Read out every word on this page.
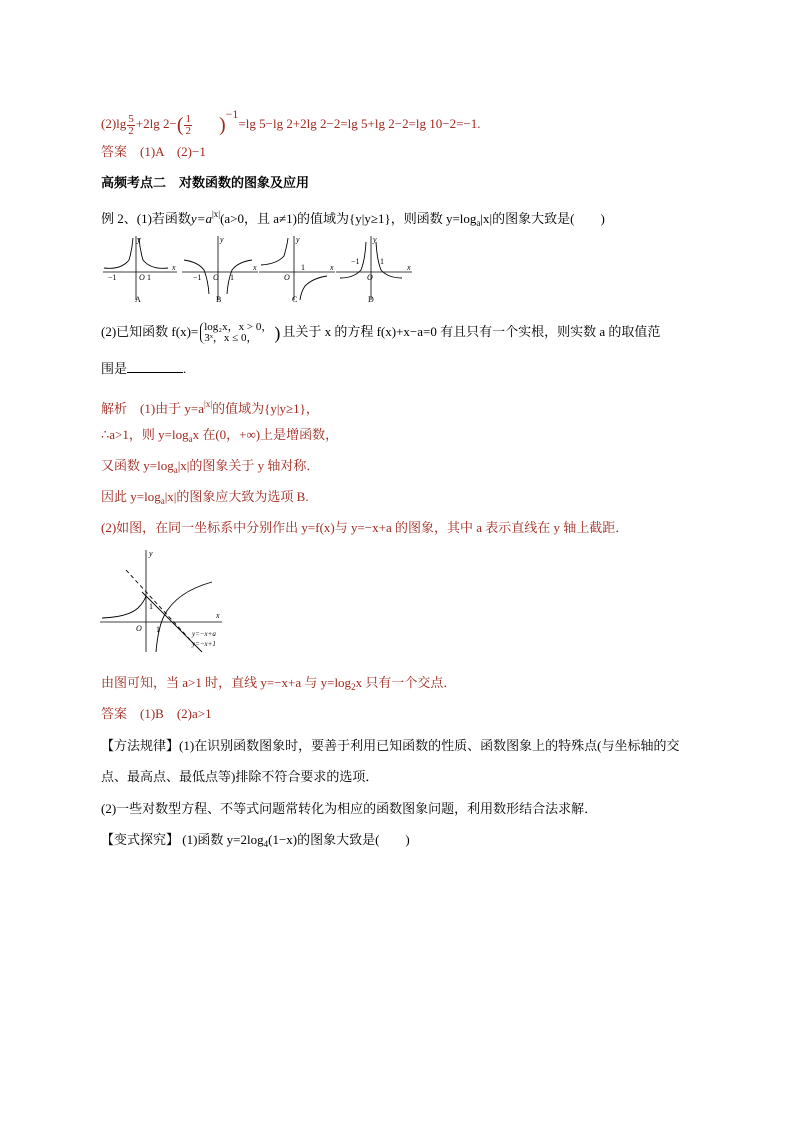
$(2)\lg \frac{5}{2} +2\lg$ $2-( \frac{1}{2} )^{-1}=\lg$ 5−lg 2+2lg 2−2=lg 5+lg 2−2=lg 10−2=−1.
答案　(1)A　(2)−1
高频考点二　对数函数的图象及应用
例 2、(1)若函数$y=a^{|x|}(a>0$，且 a≠1)的值域为{y|y≥1}，则函数 $y=\log_a|x|$的图象大致是(　　)
y
x
O
−1	1
A
y
x
O
−1	1
B
y
x
O
1
C
y
x
O
−1	1
D
(2)已知函数 f(x)= log₂x，x > 0，
3ˣ，x ≤ 0， ) 且关于 x 的方程 f(x)+x−a=0 有且只有一个实根，则实数 a 的取值范
围是	.
解析　(1)由于 $y=a^{|x|}$的值域为{y|y≥1}，
∴a>1，则 $y=\log_ax$ 在(0，+∞)上是增函数，
又函数 $y=\log_a|x|$的图象关于 y 轴对称．
因此 $y=\log_a|x|$的图象应大致为选项 B.
(2)如图，在同一坐标系中分别作出 y=f(x)与 y=−x+a 的图象，其中 a 表示直线在 y 轴上截距．
y
x
O
1
1	y=−x+a
y=−x+1
由图可知，当 a>1 时，直线 y=−x+a 与 $y=\log_2x$ 只有一个交点．
答案　(1)B　(2)a>1
【方法规律】(1)在识别函数图象时，要善于利用已知函数的性质、函数图象上的特殊点(与坐标轴的交
点、最高点、最低点等)排除不符合要求的选项．
(2)一些对数型方程、不等式问题常转化为相应的函数图象问题，利用数形结合法求解．
【变式探究】 (1)函数 $y=2\log_4(1-x)$的图象大致是(　　)
